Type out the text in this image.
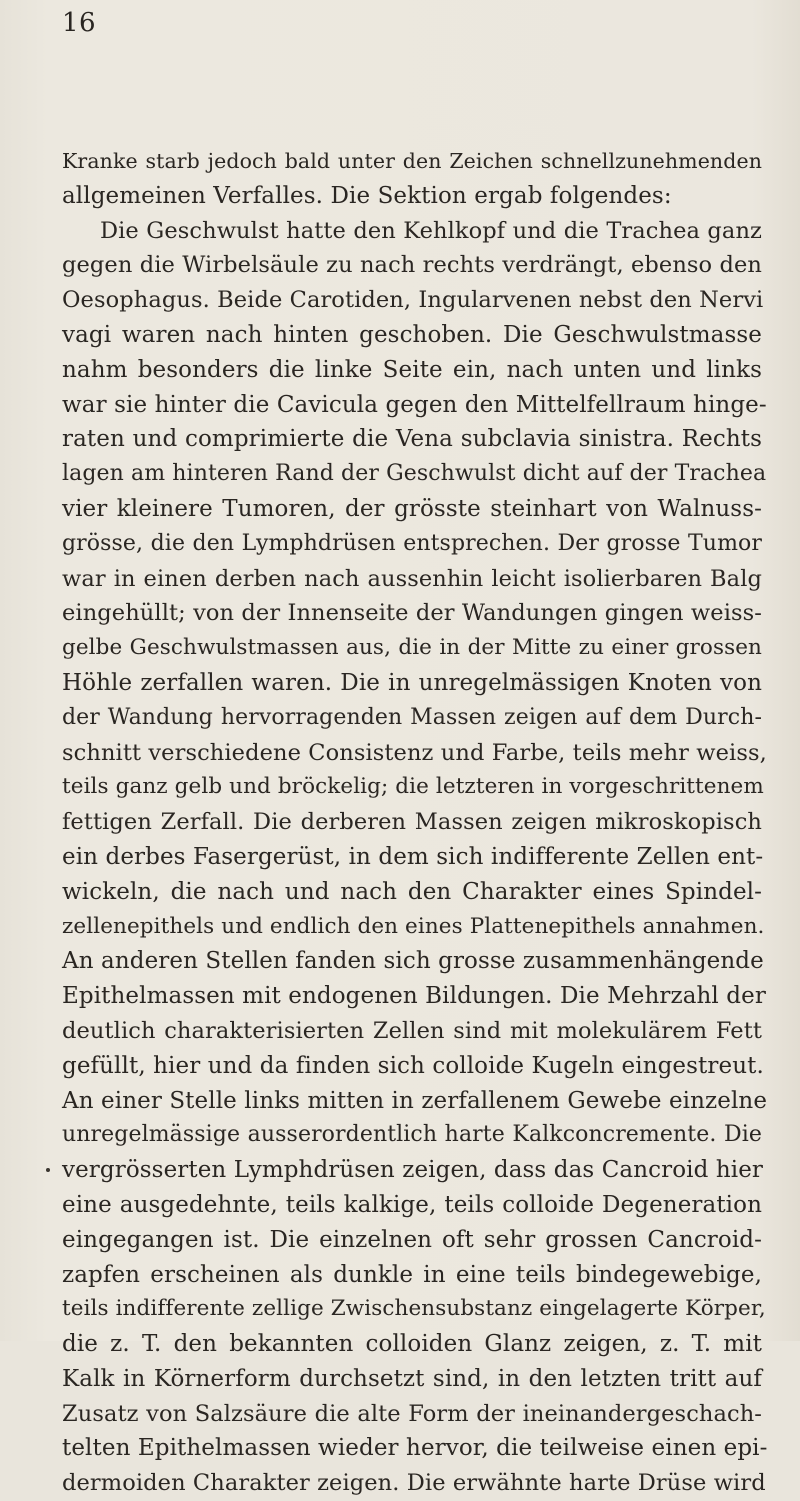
16
Kranke starb jedoch bald unter den Zeichen schnellzunehmenden
allgemeinen Verfalles. Die Sektion ergab folgendes:
Die Geschwulst hatte den Kehlkopf und die Trachea ganz
gegen die Wirbelsäule zu nach rechts verdrängt, ebenso den
Oesophagus. Beide Carotiden, Ingularvenen nebst den Nervi
vagi waren nach hinten geschoben. Die Geschwulstmasse
nahm besonders die linke Seite ein, nach unten und links
war sie hinter die Cavicula gegen den Mittelfellraum hinge-
raten und comprimierte die Vena subclavia sinistra. Rechts
lagen am hinteren Rand der Geschwulst dicht auf der Trachea
vier kleinere Tumoren, der grösste steinhart von Walnuss-
grösse, die den Lymphdrüsen entsprechen. Der grosse Tumor
war in einen derben nach aussenhin leicht isolierbaren Balg
eingehüllt; von der Innenseite der Wandungen gingen weiss-
gelbe Geschwulstmassen aus, die in der Mitte zu einer grossen
Höhle zerfallen waren. Die in unregelmässigen Knoten von
der Wandung hervorragenden Massen zeigen auf dem Durch-
schnitt verschiedene Consistenz und Farbe, teils mehr weiss,
teils ganz gelb und bröckelig; die letzteren in vorgeschrittenem
fettigen Zerfall. Die derberen Massen zeigen mikroskopisch
ein derbes Fasergerüst, in dem sich indifferente Zellen ent-
wickeln, die nach und nach den Charakter eines Spindel-
zellenepithels und endlich den eines Plattenepithels annahmen.
An anderen Stellen fanden sich grosse zusammenhängende
Epithelmassen mit endogenen Bildungen. Die Mehrzahl der
deutlich charakterisierten Zellen sind mit molekulärem Fett
gefüllt, hier und da finden sich colloide Kugeln eingestreut.
An einer Stelle links mitten in zerfallenem Gewebe einzelne
unregelmässige ausserordentlich harte Kalkconcremente. Die
vergrösserten Lymphdrüsen zeigen, dass das Cancroid hier
eine ausgedehnte, teils kalkige, teils colloide Degeneration
eingegangen ist. Die einzelnen oft sehr grossen Cancroid-
zapfen erscheinen als dunkle in eine teils bindegewebige,
teils indifferente zellige Zwischensubstanz eingelagerte Körper,
die z. T. den bekannten colloiden Glanz zeigen, z. T. mit
Kalk in Körnerform durchsetzt sind, in den letzten tritt auf
Zusatz von Salzsäure die alte Form der ineinandergeschach-
telten Epithelmassen wieder hervor, die teilweise einen epi-
dermoiden Charakter zeigen. Die erwähnte harte Drüse wird
